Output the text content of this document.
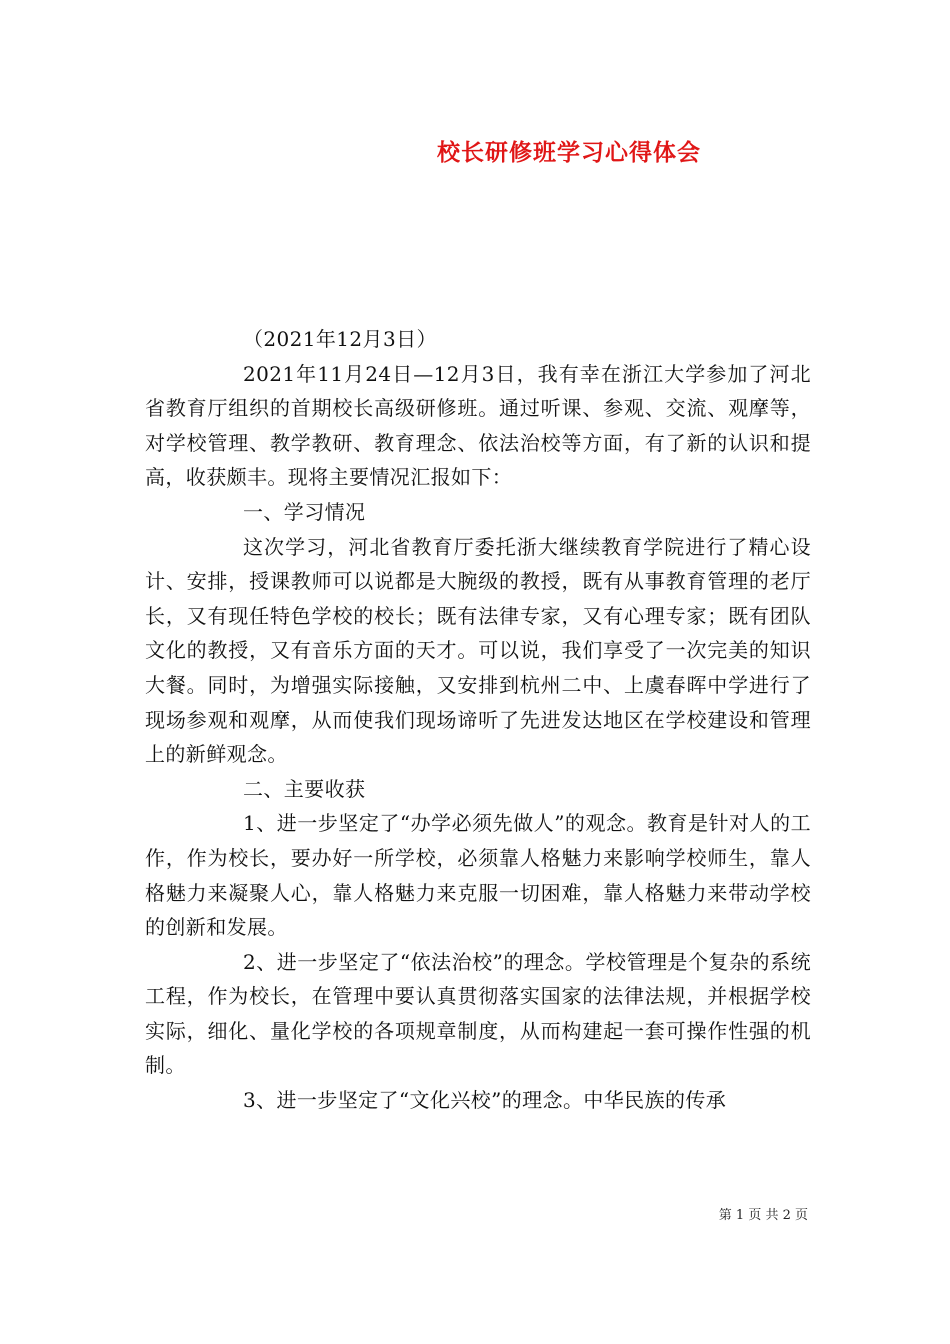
校长研修班学习心得体会

（2021年12月3日）

2021年11月24日—12月3日，我有幸在浙江大学参加了河北省教育厅组织的首期校长高级研修班。通过听课、参观、交流、观摩等，对学校管理、教学教研、教育理念、依法治校等方面，有了新的认识和提高，收获颇丰。现将主要情况汇报如下：

一、学习情况

这次学习，河北省教育厅委托浙大继续教育学院进行了精心设计、安排，授课教师可以说都是大腕级的教授，既有从事教育管理的老厅长，又有现任特色学校的校长；既有法律专家，又有心理专家；既有团队文化的教授，又有音乐方面的天才。可以说，我们享受了一次完美的知识大餐。同时，为增强实际接触，又安排到杭州二中、上虞春晖中学进行了现场参观和观摩，从而使我们现场谛听了先进发达地区在学校建设和管理上的新鲜观念。

二、主要收获

1、进一步坚定了“办学必须先做人”的观念。教育是针对人的工作，作为校长，要办好一所学校，必须靠人格魅力来影响学校师生，靠人格魅力来凝聚人心，靠人格魅力来克服一切困难，靠人格魅力来带动学校的创新和发展。

2、进一步坚定了“依法治校”的理念。学校管理是个复杂的系统工程，作为校长，在管理中要认真贯彻落实国家的法律法规，并根据学校实际，细化、量化学校的各项规章制度，从而构建起一套可操作性强的机制。

3、进一步坚定了“文化兴校”的理念。中华民族的传承

第 1 页 共 2 页
